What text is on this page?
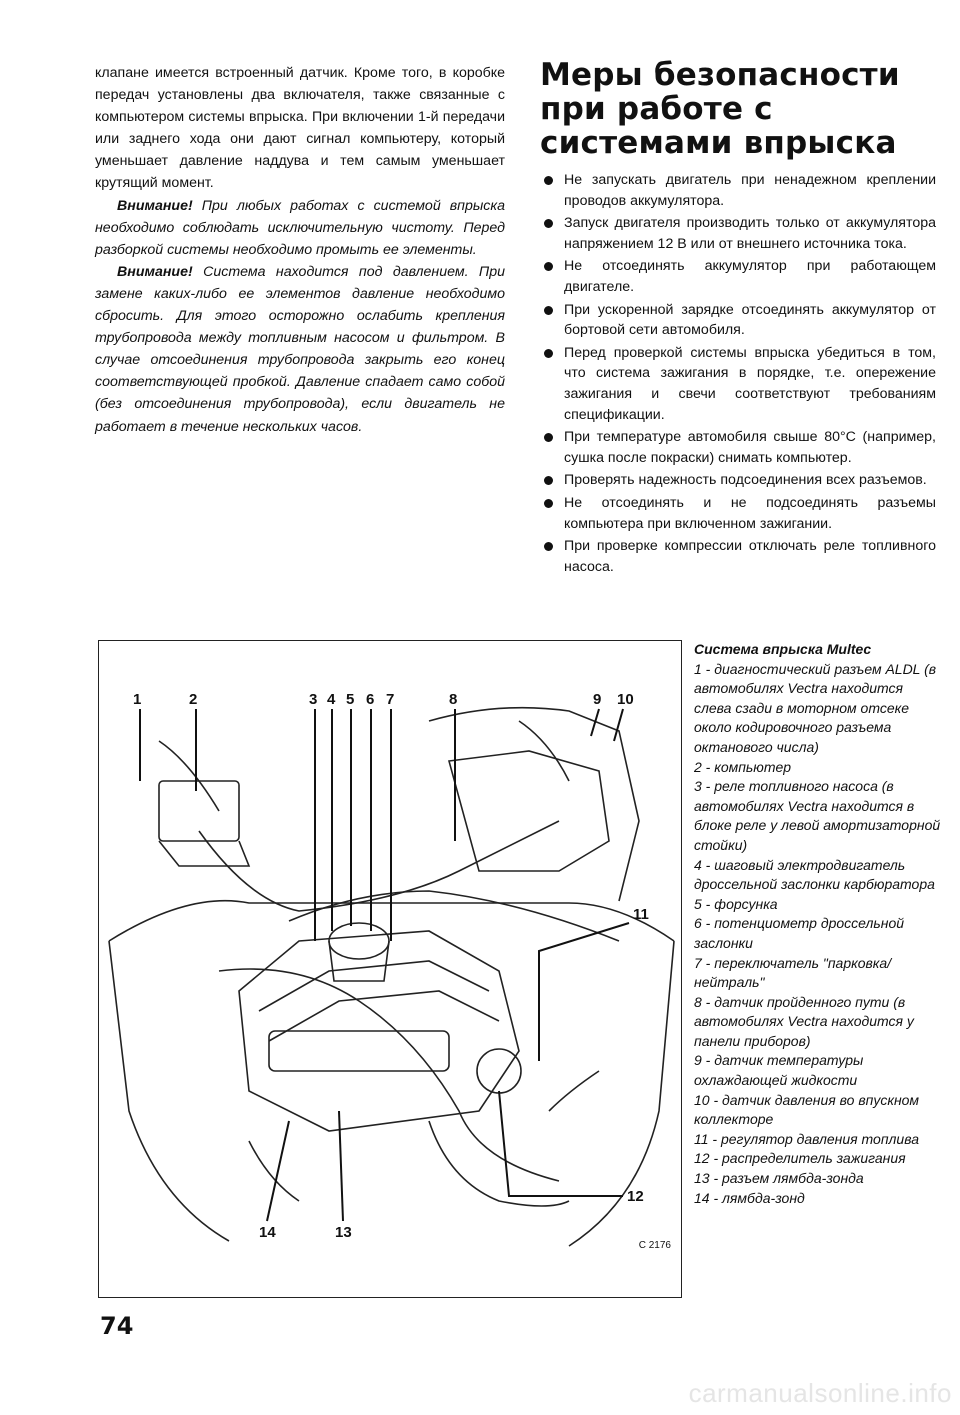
клапане имеется встроенный датчик. Кроме того, в коробке передач установлены два включателя, также связанные с компьютером системы впрыска. При включении 1-й передачи или заднего хода они дают сигнал компьютеру, который уменьшает давление наддува и тем самым уменьшает крутящий момент.

Внимание! При любых работах с системой впрыска необходимо соблюдать исключительную чистоту. Перед разборкой системы необходимо промыть ее элементы.

Внимание! Система находится под давлением. При замене каких-либо ее элементов давление необходимо сбросить. Для этого осторожно ослабить крепления трубопровода между топливным насосом и фильтром. В случае отсоединения трубопровода закрыть его конец соответствующей пробкой. Давление спадает само собой (без отсоединения трубопровода), если двигатель не работает в течение нескольких часов.

Меры безопасности при работе с системами впрыска
Не запускать двигатель при ненадежном креплении проводов аккумулятора.
Запуск двигателя производить только от аккумулятора напряжением 12 В или от внешнего источника тока.
Не отсоединять аккумулятор при работающем двигателе.
При ускоренной зарядке отсоединять аккумулятор от бортовой сети автомобиля.
Перед проверкой системы впрыска убедиться в том, что система зажигания в порядке, т.е. опережение зажигания и свечи соответствуют требованиям спецификации.
При температуре автомобиля свыше 80°C (например, сушка после покраски) снимать компьютер.
Проверять надежность подсоединения всех разъемов.
Не отсоединять и не подсоединять разъемы компьютера при включенном зажигании.
При проверке компрессии отключать реле топливного насоса.
1	2	3 4 5 6 7	8	9 10
11
12
13
14
C 2176

Система впрыска Multec

1 - диагностический разъем ALDL (в автомобилях Vectra находится слева сзади в моторном отсеке около кодировочного разъема октанового числа)

2 - компьютер

3 - реле топливного насоса (в автомобилях Vectra находится в блоке реле у левой амортизаторной стойки)

4 - шаговый электродвигатель дроссельной заслонки карбюратора

5 - форсунка

6 - потенциометр дроссельной заслонки

7 - переключатель "парковка/нейтраль"

8 - датчик пройденного пути (в автомобилях Vectra находится у панели приборов)

9 - датчик температуры охлаждающей жидкости

10 - датчик давления во впускном коллекторе

11 - регулятор давления топлива

12 - распределитель зажигания

13 - разъем лямбда-зонда

14 - лямбда-зонд

74
carmanualsonline.info
